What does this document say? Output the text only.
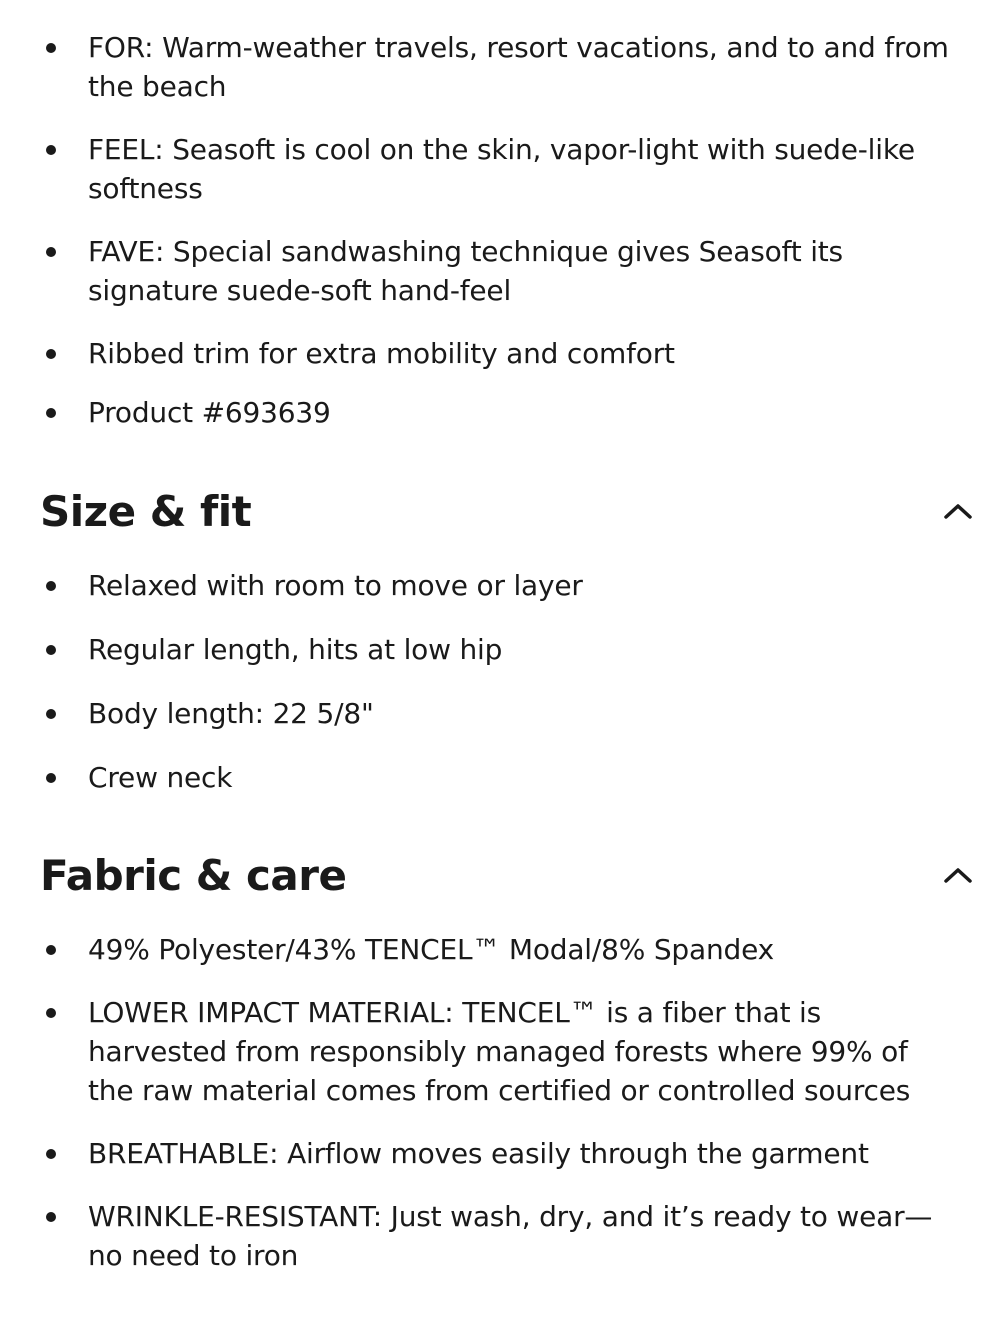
FOR: Warm-weather travels, resort vacations, and to and from the beach
FEEL: Seasoft is cool on the skin, vapor-light with suede-like softness
FAVE: Special sandwashing technique gives Seasoft its signature suede-soft hand-feel
Ribbed trim for extra mobility and comfort
Product #693639
Size & fit
Relaxed with room to move or layer
Regular length, hits at low hip
Body length: 22 5/8"
Crew neck
Fabric & care
49% Polyester/43% TENCEL™ Modal/8% Spandex
LOWER IMPACT MATERIAL: TENCEL™ is a fiber that is harvested from responsibly managed forests where 99% of the raw material comes from certified or controlled sources
BREATHABLE: Airflow moves easily through the garment
WRINKLE-RESISTANT: Just wash, dry, and it’s ready to wear—no need to iron
